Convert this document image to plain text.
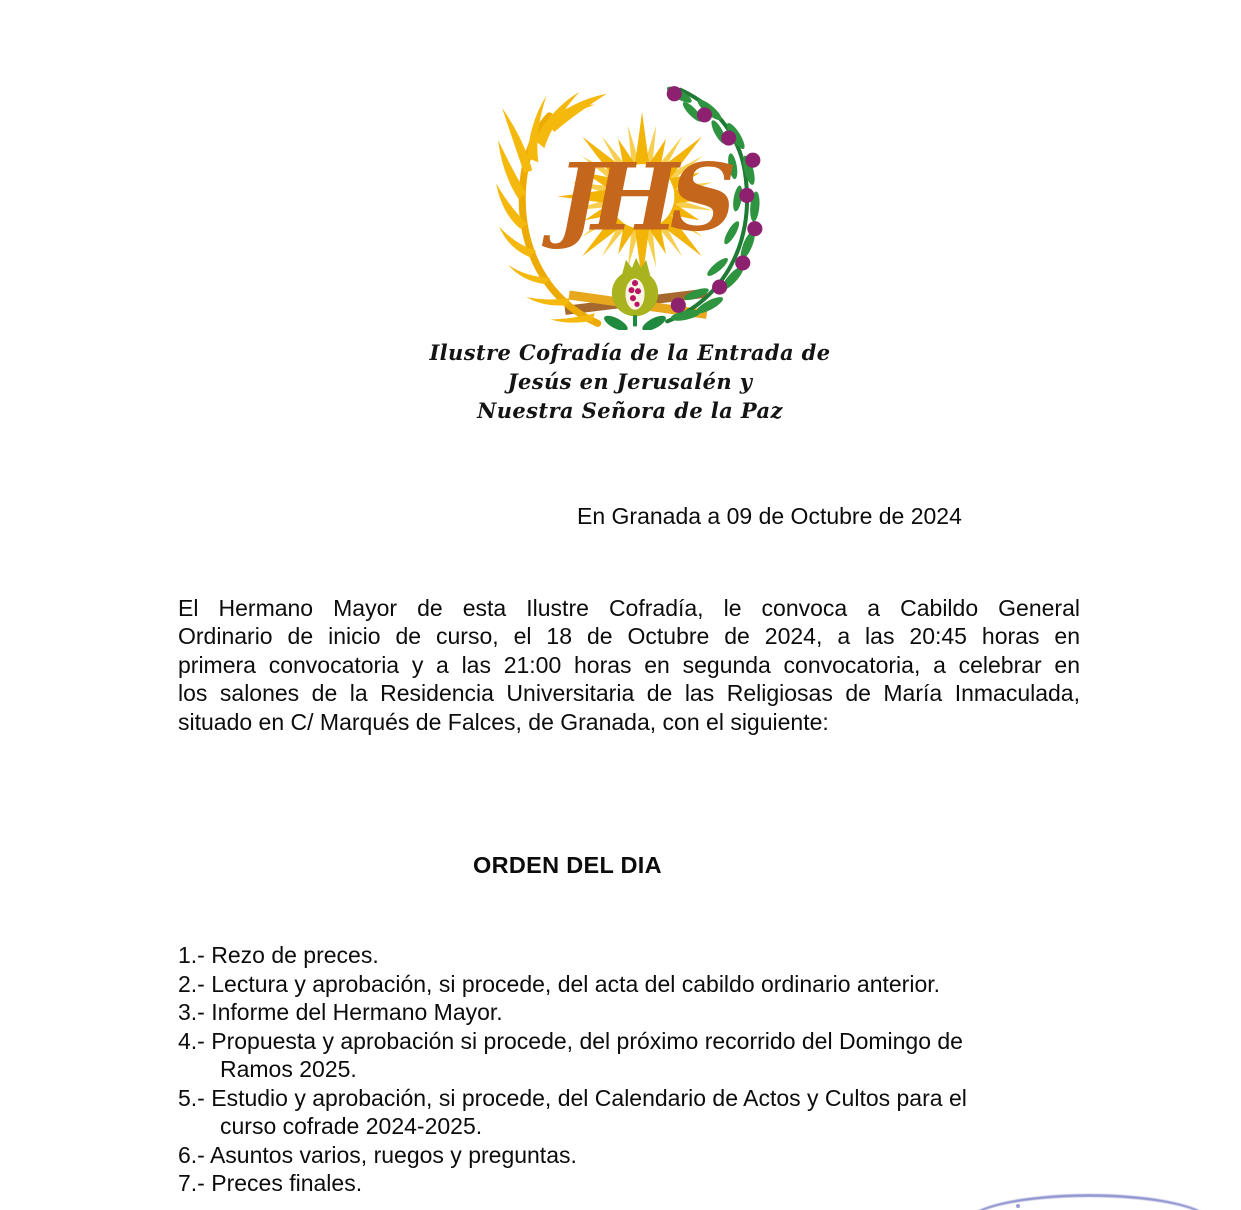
JHS
Ilustre Cofradía de la Entrada de
Jesús en Jerusalén y
Nuestra Señora de la Paz
En Granada a 09 de Octubre de 2024
El Hermano Mayor de esta Ilustre Cofradía, le convoca a Cabildo General
Ordinario de inicio de curso, el 18 de Octubre de 2024, a las 20:45 horas en
primera convocatoria y a las 21:00 horas en segunda convocatoria, a celebrar en
los salones de la Residencia Universitaria de las Religiosas de María Inmaculada,
situado en C/ Marqués de Falces, de Granada, con el siguiente:
ORDEN DEL DIA
1.- Rezo de preces.
2.- Lectura y aprobación, si procede, del acta del cabildo ordinario anterior.
3.- Informe del Hermano Mayor.
4.- Propuesta y aprobación si procede, del próximo recorrido del Domingo de
Ramos 2025.
5.- Estudio y aprobación, si procede, del Calendario de Actos y Cultos para el
curso cofrade 2024-2025.
6.- Asuntos varios, ruegos y preguntas.
7.- Preces finales.
